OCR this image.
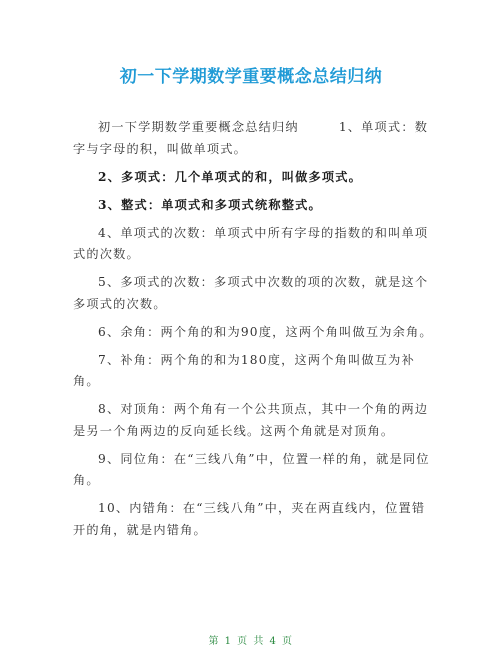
初一下学期数学重要概念总结归纳

初一下学期数学重要概念总结归纳	1、单项式：数字与字母的积，叫做单项式。

2、多项式：几个单项式的和，叫做多项式。

3、整式：单项式和多项式统称整式。

4、单项式的次数：单项式中所有字母的指数的和叫单项式的次数。

5、多项式的次数：多项式中次数的项的次数，就是这个多项式的次数。

6、余角：两个角的和为90度，这两个角叫做互为余角。

7、补角：两个角的和为180度，这两个角叫做互为补角。

8、对顶角：两个角有一个公共顶点，其中一个角的两边是另一个角两边的反向延长线。这两个角就是对顶角。

9、同位角：在“三线八角”中，位置一样的角，就是同位角。

10、内错角：在“三线八角”中，夹在两直线内，位置错开的角，就是内错角。

第 1 页 共 4 页
